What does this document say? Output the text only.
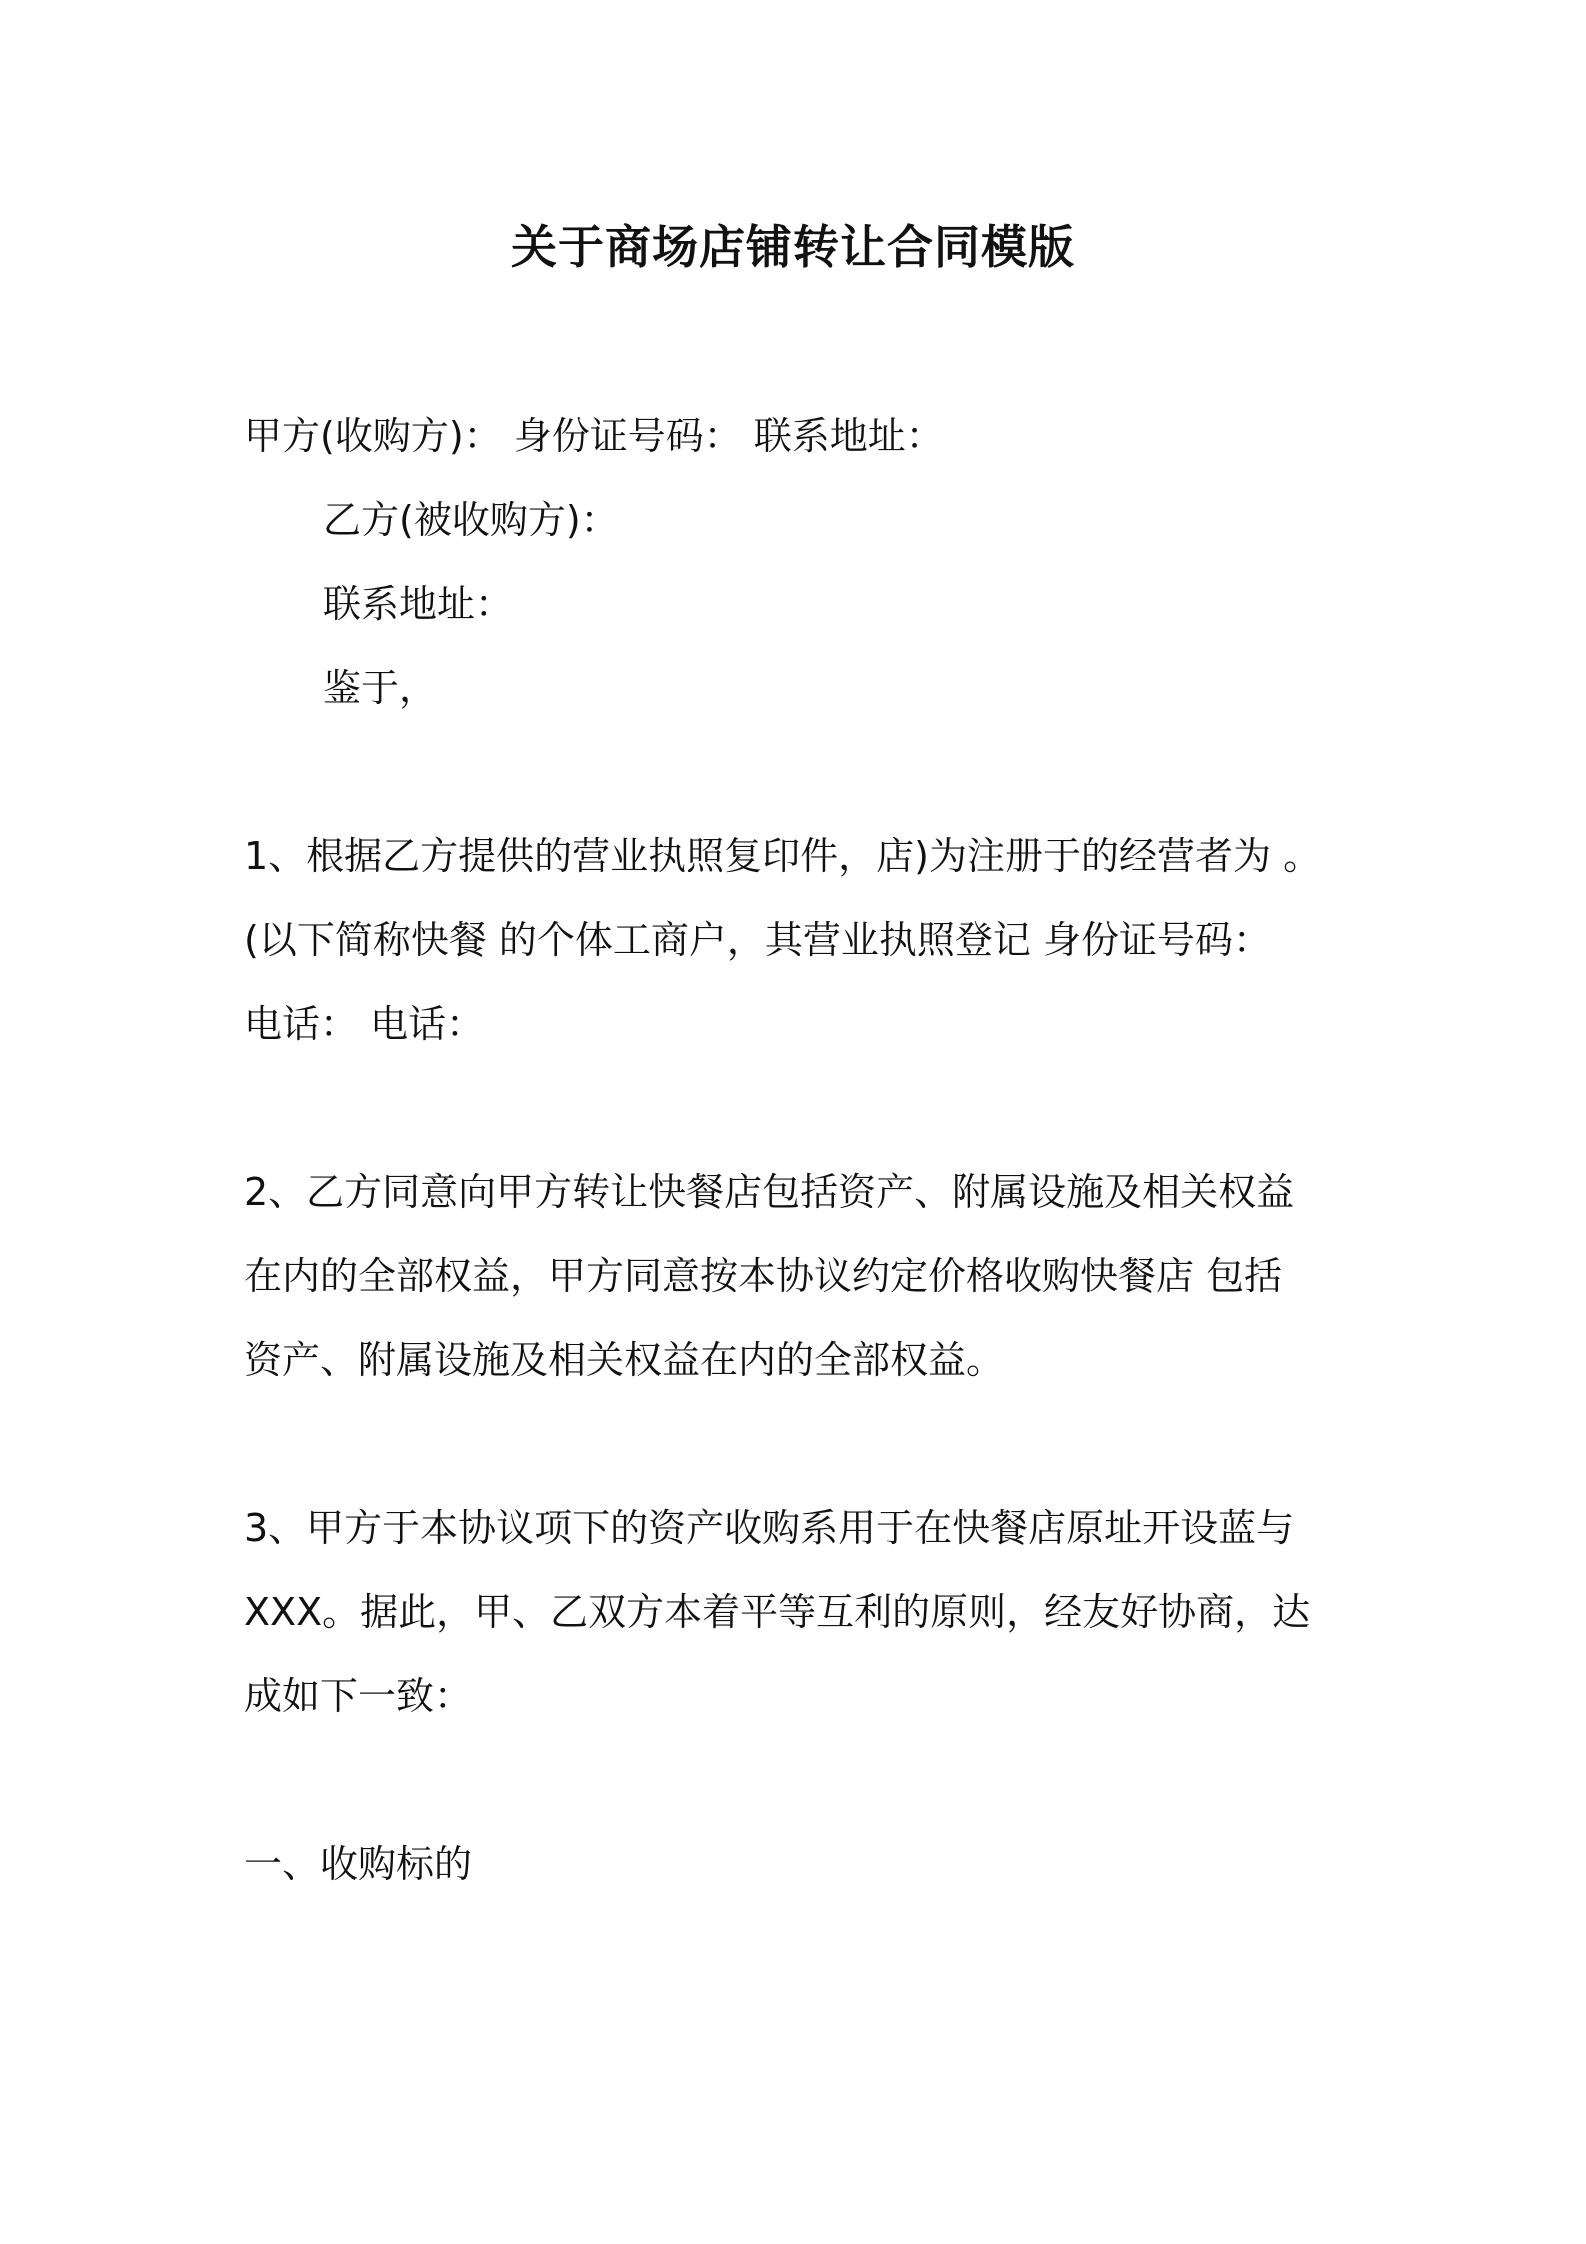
关于商场店铺转让合同模版
甲方(收购方)： 身份证号码： 联系地址：
乙方(被收购方)：
联系地址：
鉴于，
1、根据乙方提供的营业执照复印件，店)为注册于的经营者为 。
(以下简称快餐 的个体工商户，其营业执照登记 身份证号码：
电话： 电话：
2、乙方同意向甲方转让快餐店包括资产、附属设施及相关权益
在内的全部权益，甲方同意按本协议约定价格收购快餐店 包括
资产、附属设施及相关权益在内的全部权益。
3、甲方于本协议项下的资产收购系用于在快餐店原址开设蓝与
XXX。据此，甲、乙双方本着平等互利的原则，经友好协商，达
成如下一致：
一、收购标的
